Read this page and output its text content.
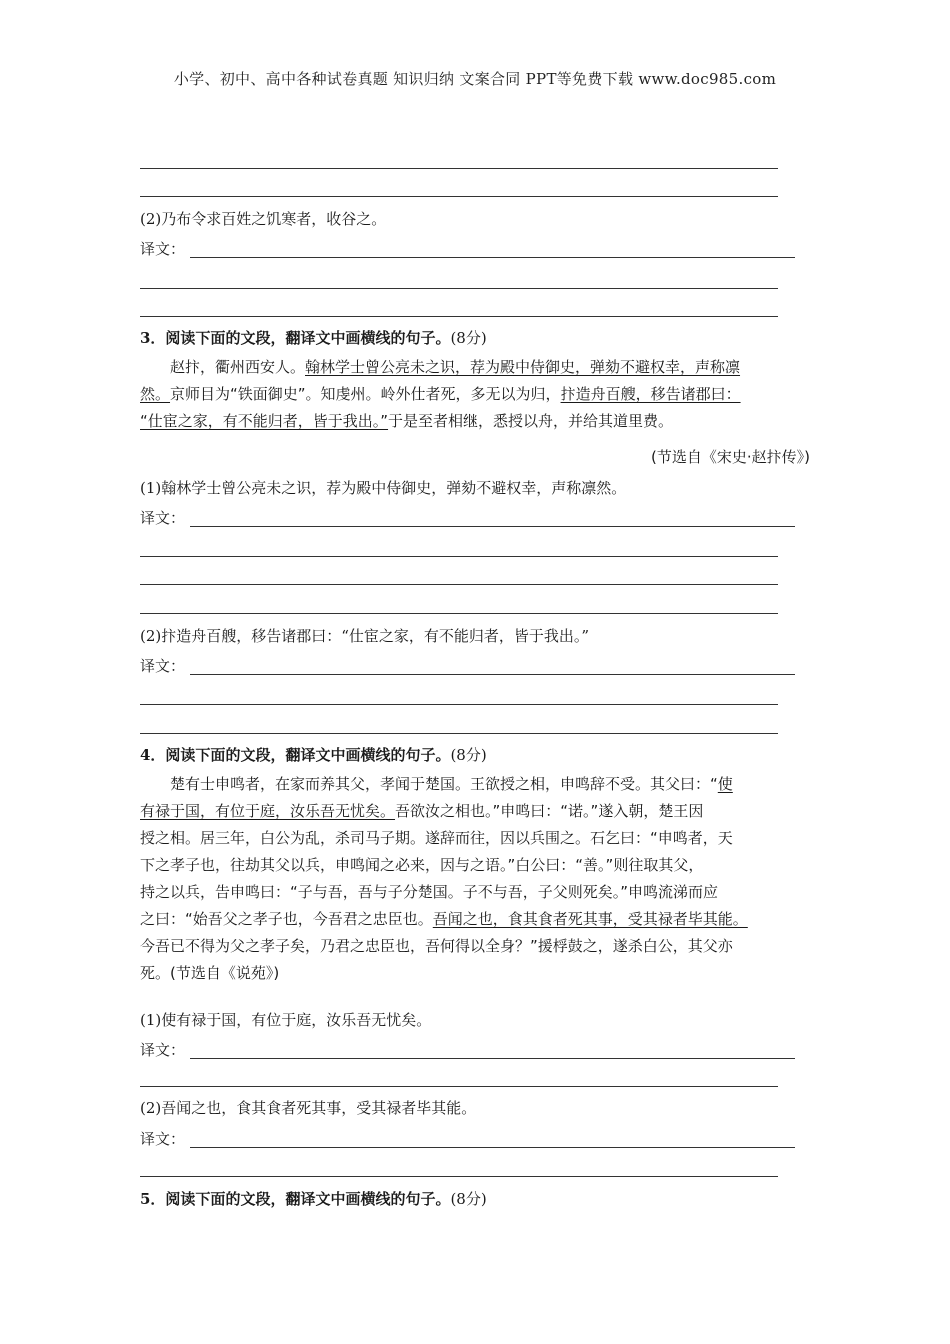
小学、初中、高中各种试卷真题 知识归纳 文案合同 PPT等免费下载 www.doc985.com
(2)乃布令求百姓之饥寒者，收谷之。
译文：
3．阅读下面的文段，翻译文中画横线的句子。(8分)

赵抃，衢州西安人。翰林学士曾公亮未之识，荐为殿中侍御史，弹劾不避权幸，声称凛

然。京师目为“铁面御史”。知虔州。岭外仕者死，多无以为归，抃造舟百艘，移告诸郡曰：

“仕宦之家，有不能归者，皆于我出。”于是至者相继，悉授以舟，并给其道里费。

(节选自《宋史·赵抃传》)
(1)翰林学士曾公亮未之识，荐为殿中侍御史，弹劾不避权幸，声称凛然。
译文：
(2)抃造舟百艘，移告诸郡曰：“仕宦之家，有不能归者，皆于我出。”
译文：
4．阅读下面的文段，翻译文中画横线的句子。(8分)

楚有士申鸣者，在家而养其父，孝闻于楚国。王欲授之相，申鸣辞不受。其父曰：“使

有禄于国，有位于庭，汝乐吾无忧矣。吾欲汝之相也。”申鸣曰：“诺。”遂入朝，楚王因

授之相。居三年，白公为乱，杀司马子期。遂辞而往，因以兵围之。石乞曰：“申鸣者，天

下之孝子也，往劫其父以兵，申鸣闻之必来，因与之语。”白公曰：“善。”则往取其父，

持之以兵，告申鸣曰：“子与吾，吾与子分楚国。子不与吾，子父则死矣。”申鸣流涕而应

之曰：“始吾父之孝子也，今吾君之忠臣也。吾闻之也，食其食者死其事，受其禄者毕其能。

今吾已不得为父之孝子矣，乃君之忠臣也，吾何得以全身？”援桴鼓之，遂杀白公，其父亦

死。(节选自《说苑》)

(1)使有禄于国，有位于庭，汝乐吾无忧矣。
译文：
(2)吾闻之也，食其食者死其事，受其禄者毕其能。
译文：
5．阅读下面的文段，翻译文中画横线的句子。(8分)
